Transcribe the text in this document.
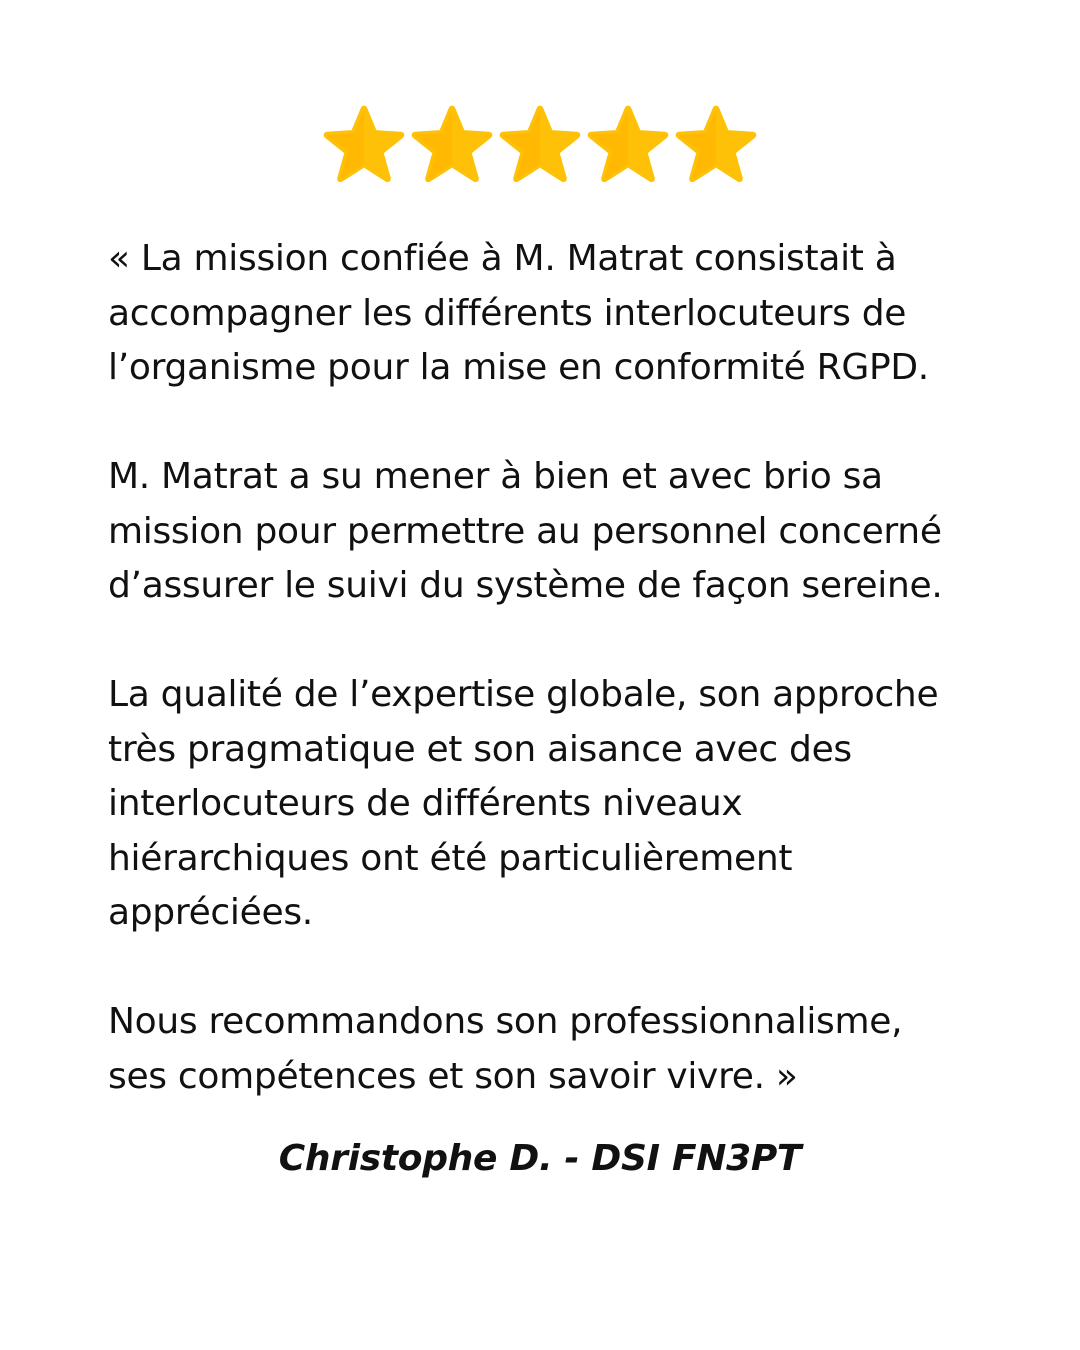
« La mission confiée à M. Matrat consistait à
accompagner les différents interlocuteurs de
l’organisme pour la mise en conformité RGPD.

M. Matrat a su mener à bien et avec brio sa
mission pour permettre au personnel concerné
d’assurer le suivi du système de façon sereine.

La qualité de l’expertise globale, son approche
très pragmatique et son aisance avec des
interlocuteurs de différents niveaux
hiérarchiques ont été particulièrement
appréciées.

Nous recommandons son professionnalisme,
ses compétences et son savoir vivre. »

Christophe D. - DSI FN3PT
